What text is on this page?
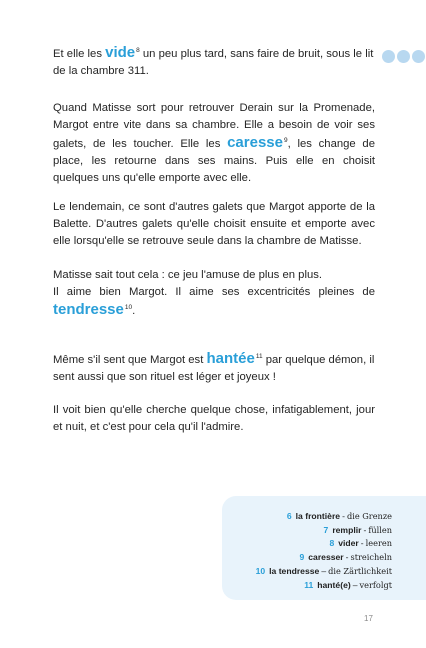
Et elle les vide$^8$ un peu plus tard, sans faire de bruit, sous le lit de la chambre 311.

Quand Matisse sort pour retrouver Derain sur la Promenade, Margot entre vite dans sa chambre. Elle a besoin de voir ses galets, de les toucher. Elle les caresse$^9$, les change de place, les retourne dans ses mains. Puis elle en choisit quelques uns qu'elle emporte avec elle.

Le lendemain, ce sont d'autres galets que Margot apporte de la Balette. D'autres galets qu'elle choisit ensuite et emporte avec elle lorsqu'elle se retrouve seule dans la chambre de Matisse.

Matisse sait tout cela : ce jeu l'amuse de plus en plus.

Il aime bien Margot. Il aime ses excentricités pleines de tendresse$^{10}$.

Même s'il sent que Margot est hantée$^{11}$ par quelque démon, il sent aussi que son rituel est léger et joyeux !

Il voit bien qu'elle cherche quelque chose, infatigablement, jour et nuit, et c'est pour cela qu'il l'admire.

6 la frontière - die Grenze
7 remplir - füllen
8 vider - leeren
9 caresser - streicheln
10 la tendresse – die Zärtlichkeit
11 hanté(e) – verfolgt
17
